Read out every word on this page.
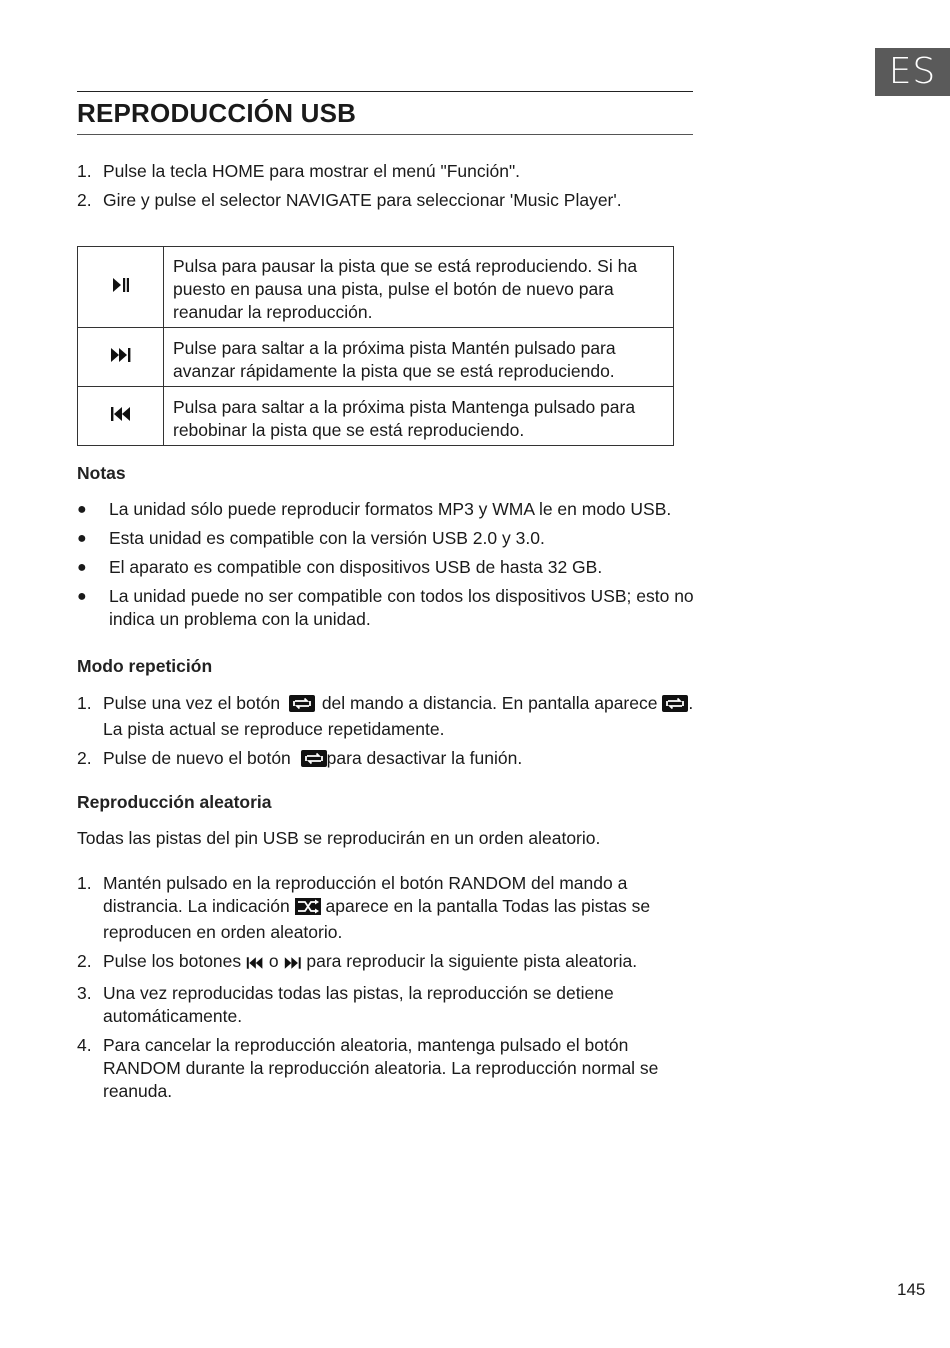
ES
REPRODUCCIÓN USB
1. Pulse la tecla HOME para mostrar el menú "Función".
2. Gire y pulse el selector NAVIGATE para seleccionar 'Music Player'.
	Pulsa para pausar la pista que se está reproduciendo. Si ha puesto en pausa una pista, pulse el botón de nuevo para reanudar la reproducción.
	Pulse para saltar a la próxima pista Mantén pulsado para avanzar rápidamente la pista que se está reproduciendo.
	Pulsa para saltar a la próxima pista Mantenga pulsado para rebobinar la pista que se está reproduciendo.
Notas
● La unidad sólo puede reproducir formatos MP3 y WMA le en modo USB.
● Esta unidad es compatible con la versión USB 2.0 y 3.0.
● El aparato es compatible con dispositivos USB de hasta 32 GB.
● La unidad puede no ser compatible con todos los dispositivos USB; esto no indica un problema con la unidad.
Modo repetición
1. Pulse una vez el botón del mando a distancia. En pantalla aparece . La pista actual se reproduce repetidamente.
2. Pulse de nuevo el botón para desactivar la funión.
Reproducción aleatoria
Todas las pistas del pin USB se reproducirán en un orden aleatorio.
1. Mantén pulsado en la reproducción el botón RANDOM del mando a distrancia. La indicación aparece en la pantalla Todas las pistas se reproducen en orden aleatorio.
2. Pulse los botones o para reproducir la siguiente pista aleatoria.
3. Una vez reproducidas todas las pistas, la reproducción se detiene automáticamente.
4. Para cancelar la reproducción aleatoria, mantenga pulsado el botón RANDOM durante la reproducción aleatoria. La reproducción normal se reanuda.
145
